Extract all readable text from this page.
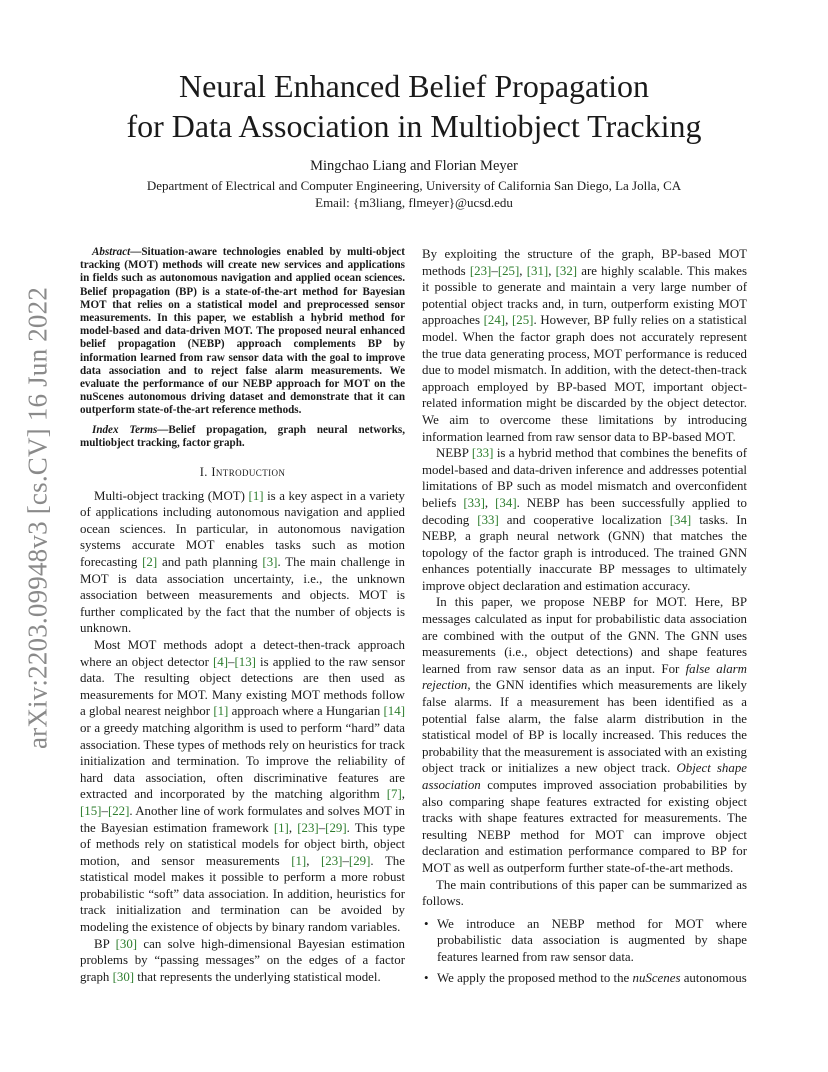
arXiv:2203.09948v3 [cs.CV] 16 Jun 2022
Neural Enhanced Belief Propagation
for Data Association in Multiobject Tracking
Mingchao Liang and Florian Meyer
Department of Electrical and Computer Engineering, University of California San Diego, La Jolla, CA
Email: {m3liang, flmeyer}@ucsd.edu

Abstract—Situation-aware technologies enabled by multi-object tracking (MOT) methods will create new services and applications in fields such as autonomous navigation and applied ocean sciences. Belief propagation (BP) is a state-of-the-art method for Bayesian MOT that relies on a statistical model and preprocessed sensor measurements. In this paper, we establish a hybrid method for model-based and data-driven MOT. The proposed neural enhanced belief propagation (NEBP) approach complements BP by information learned from raw sensor data with the goal to improve data association and to reject false alarm measurements. We evaluate the performance of our NEBP approach for MOT on the nuScenes autonomous driving dataset and demonstrate that it can outperform state-of-the-art reference methods.

Index Terms—Belief propagation, graph neural networks, multiobject tracking, factor graph.

I. Introduction

Multi-object tracking (MOT) [1] is a key aspect in a variety of applications including autonomous navigation and applied ocean sciences. In particular, in autonomous navigation systems accurate MOT enables tasks such as motion forecasting [2] and path planning [3]. The main challenge in MOT is data association uncertainty, i.e., the unknown association between measurements and objects. MOT is further complicated by the fact that the number of objects is unknown.

Most MOT methods adopt a detect-then-track approach where an object detector [4]–[13] is applied to the raw sensor data. The resulting object detections are then used as measurements for MOT. Many existing MOT methods follow a global nearest neighbor [1] approach where a Hungarian [14] or a greedy matching algorithm is used to perform “hard” data association. These types of methods rely on heuristics for track initialization and termination. To improve the reliability of hard data association, often discriminative features are extracted and incorporated by the matching algorithm [7], [15]–[22]. Another line of work formulates and solves MOT in the Bayesian estimation framework [1], [23]–[29]. This type of methods rely on statistical models for object birth, object motion, and sensor measurements [1], [23]–[29]. The statistical model makes it possible to perform a more robust probabilistic “soft” data association. In addition, heuristics for track initialization and termination can be avoided by modeling the existence of objects by binary random variables.

BP [30] can solve high-dimensional Bayesian estimation problems by “passing messages” on the edges of a factor graph [30] that represents the underlying statistical model.

By exploiting the structure of the graph, BP-based MOT methods [23]–[25], [31], [32] are highly scalable. This makes it possible to generate and maintain a very large number of potential object tracks and, in turn, outperform existing MOT approaches [24], [25]. However, BP fully relies on a statistical model. When the factor graph does not accurately represent the true data generating process, MOT performance is reduced due to model mismatch. In addition, with the detect-then-track approach employed by BP-based MOT, important object-related information might be discarded by the object detector. We aim to overcome these limitations by introducing information learned from raw sensor data to BP-based MOT.

NEBP [33] is a hybrid method that combines the benefits of model-based and data-driven inference and addresses potential limitations of BP such as model mismatch and overconfident beliefs [33], [34]. NEBP has been successfully applied to decoding [33] and cooperative localization [34] tasks. In NEBP, a graph neural network (GNN) that matches the topology of the factor graph is introduced. The trained GNN enhances potentially inaccurate BP messages to ultimately improve object declaration and estimation accuracy.

In this paper, we propose NEBP for MOT. Here, BP messages calculated as input for probabilistic data association are combined with the output of the GNN. The GNN uses measurements (i.e., object detections) and shape features learned from raw sensor data as an input. For false alarm rejection, the GNN identifies which measurements are likely false alarms. If a measurement has been identified as a potential false alarm, the false alarm distribution in the statistical model of BP is locally increased. This reduces the probability that the measurement is associated with an existing object track or initializes a new object track. Object shape association computes improved association probabilities by also comparing shape features extracted for existing object tracks with shape features extracted for measurements. The resulting NEBP method for MOT can improve object declaration and estimation performance compared to BP for MOT as well as outperform further state-of-the-art methods.

The main contributions of this paper can be summarized as follows.

• We introduce an NEBP method for MOT where probabilistic data association is augmented by shape features learned from raw sensor data.
• We apply the proposed method to the nuScenes autonomous
